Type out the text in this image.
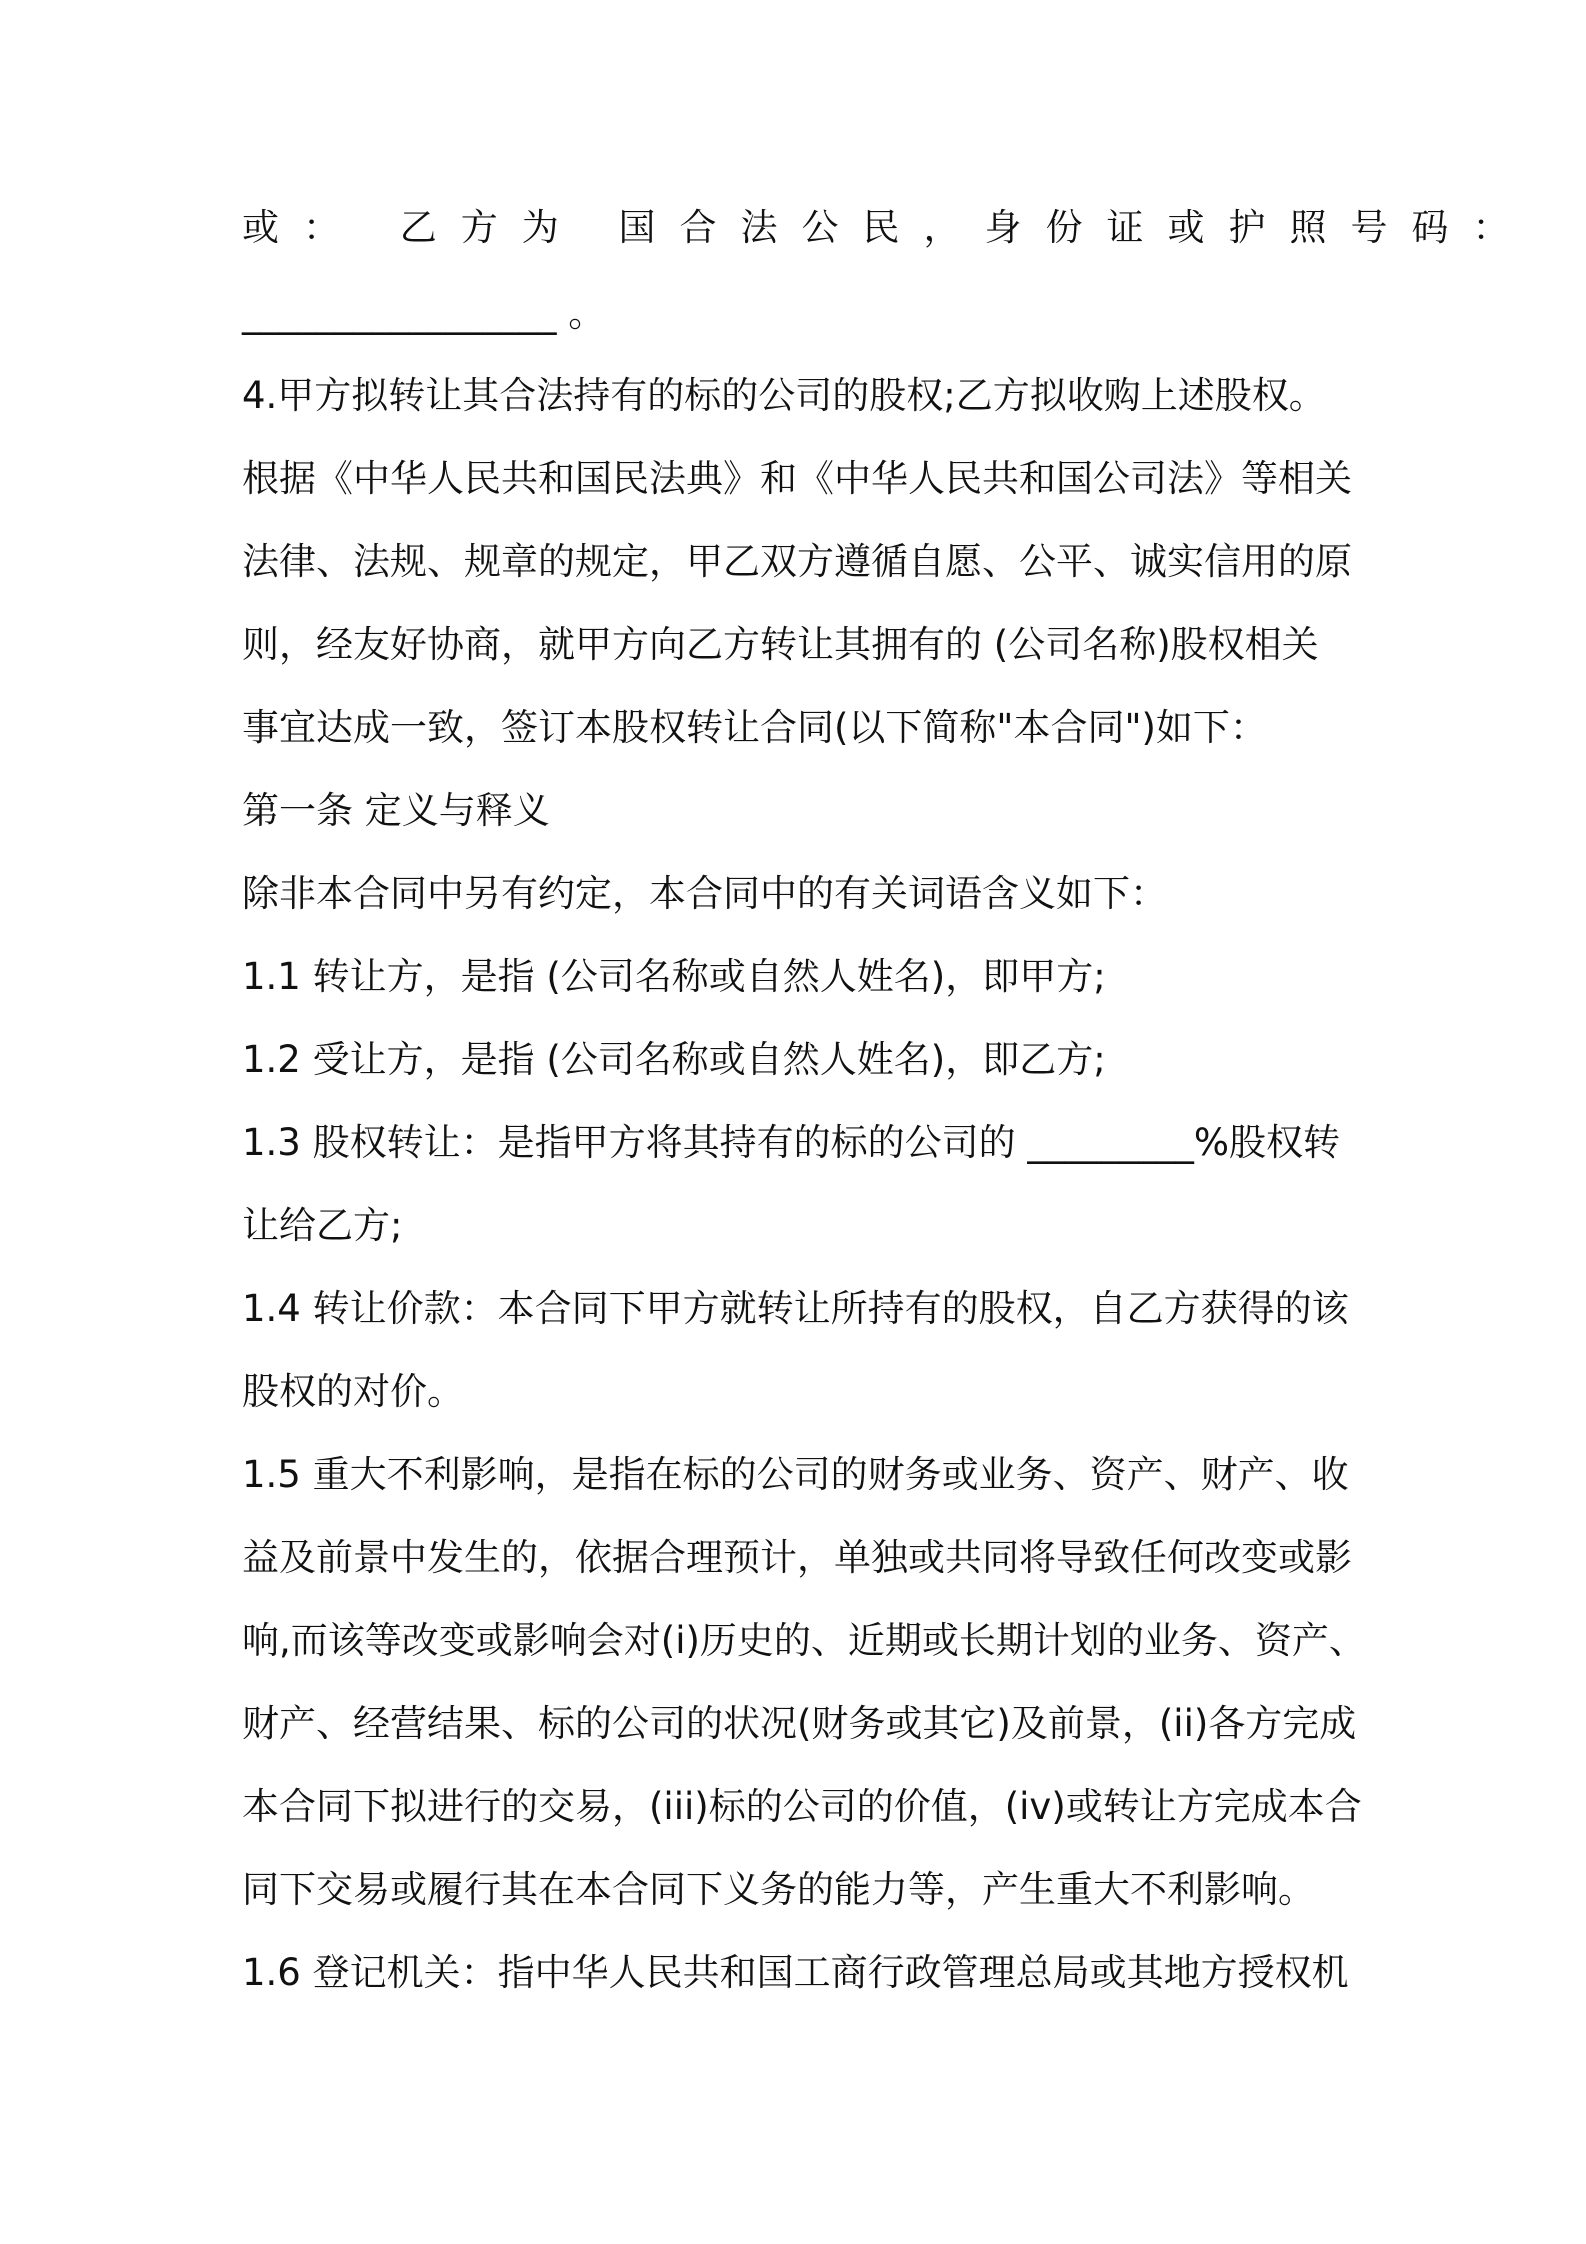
或： 乙方为 国合法公民，身份证或护照号码：
_________________ 。
4.甲方拟转让其合法持有的标的公司的股权;乙方拟收购上述股权。
根据《中华人民共和国民法典》和《中华人民共和国公司法》等相关
法律、法规、规章的规定，甲乙双方遵循自愿、公平、诚实信用的原
则，经友好协商，就甲方向乙方转让其拥有的 (公司名称)股权相关
事宜达成一致，签订本股权转让合同(以下简称"本合同")如下：
第一条 定义与释义
除非本合同中另有约定，本合同中的有关词语含义如下：
1.1 转让方，是指 (公司名称或自然人姓名)，即甲方;
1.2 受让方，是指 (公司名称或自然人姓名)，即乙方;
1.3 股权转让：是指甲方将其持有的标的公司的 _________%股权转
让给乙方;
1.4 转让价款：本合同下甲方就转让所持有的股权，自乙方获得的该
股权的对价。
1.5 重大不利影响，是指在标的公司的财务或业务、资产、财产、收
益及前景中发生的，依据合理预计，单独或共同将导致任何改变或影
响,而该等改变或影响会对(i)历史的、近期或长期计划的业务、资产、
财产、经营结果、标的公司的状况(财务或其它)及前景，(ii)各方完成
本合同下拟进行的交易，(iii)标的公司的价值，(iv)或转让方完成本合
同下交易或履行其在本合同下义务的能力等，产生重大不利影响。
1.6 登记机关：指中华人民共和国工商行政管理总局或其地方授权机
